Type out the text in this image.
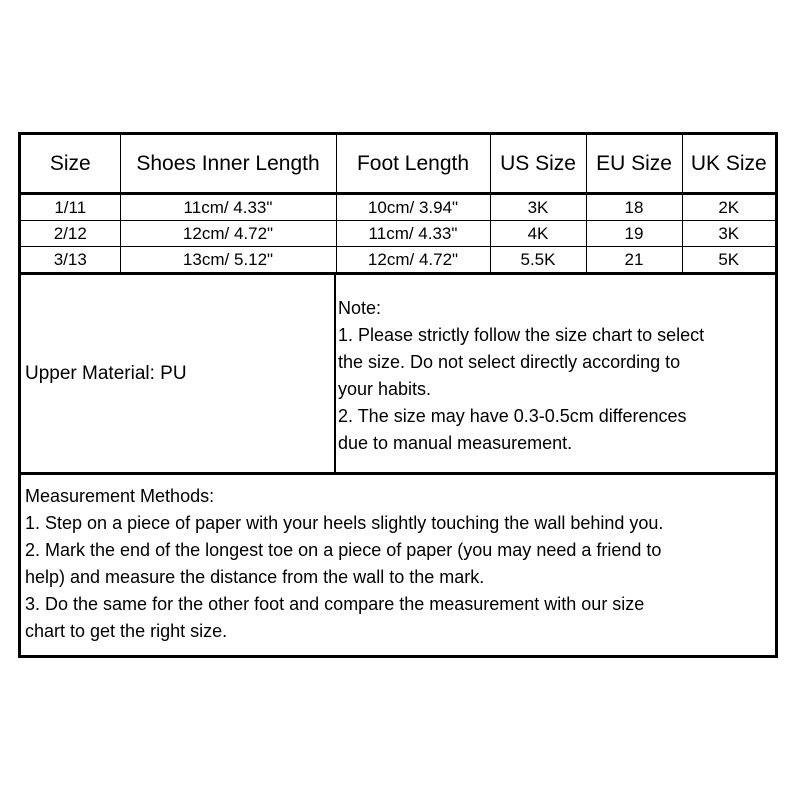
Size	Shoes Inner Length	Foot Length	US Size	EU Size	UK Size
1/11	11cm/ 4.33"	10cm/ 3.94"	3K	18	2K
2/12	12cm/ 4.72"	11cm/ 4.33"	4K	19	3K
3/13	13cm/ 5.12"	12cm/ 4.72"	5.5K	21	5K
Upper Material: PU
Note:
1. Please strictly follow the size chart to select
the size. Do not select directly according to
your habits.
2. The size may have 0.3-0.5cm differences
due to manual measurement.
Measurement Methods:
1. Step on a piece of paper with your heels slightly touching the wall behind you.
2. Mark the end of the longest toe on a piece of paper (you may need a friend to
help) and measure the distance from the wall to the mark.
3. Do the same for the other foot and compare the measurement with our size
chart to get the right size.
